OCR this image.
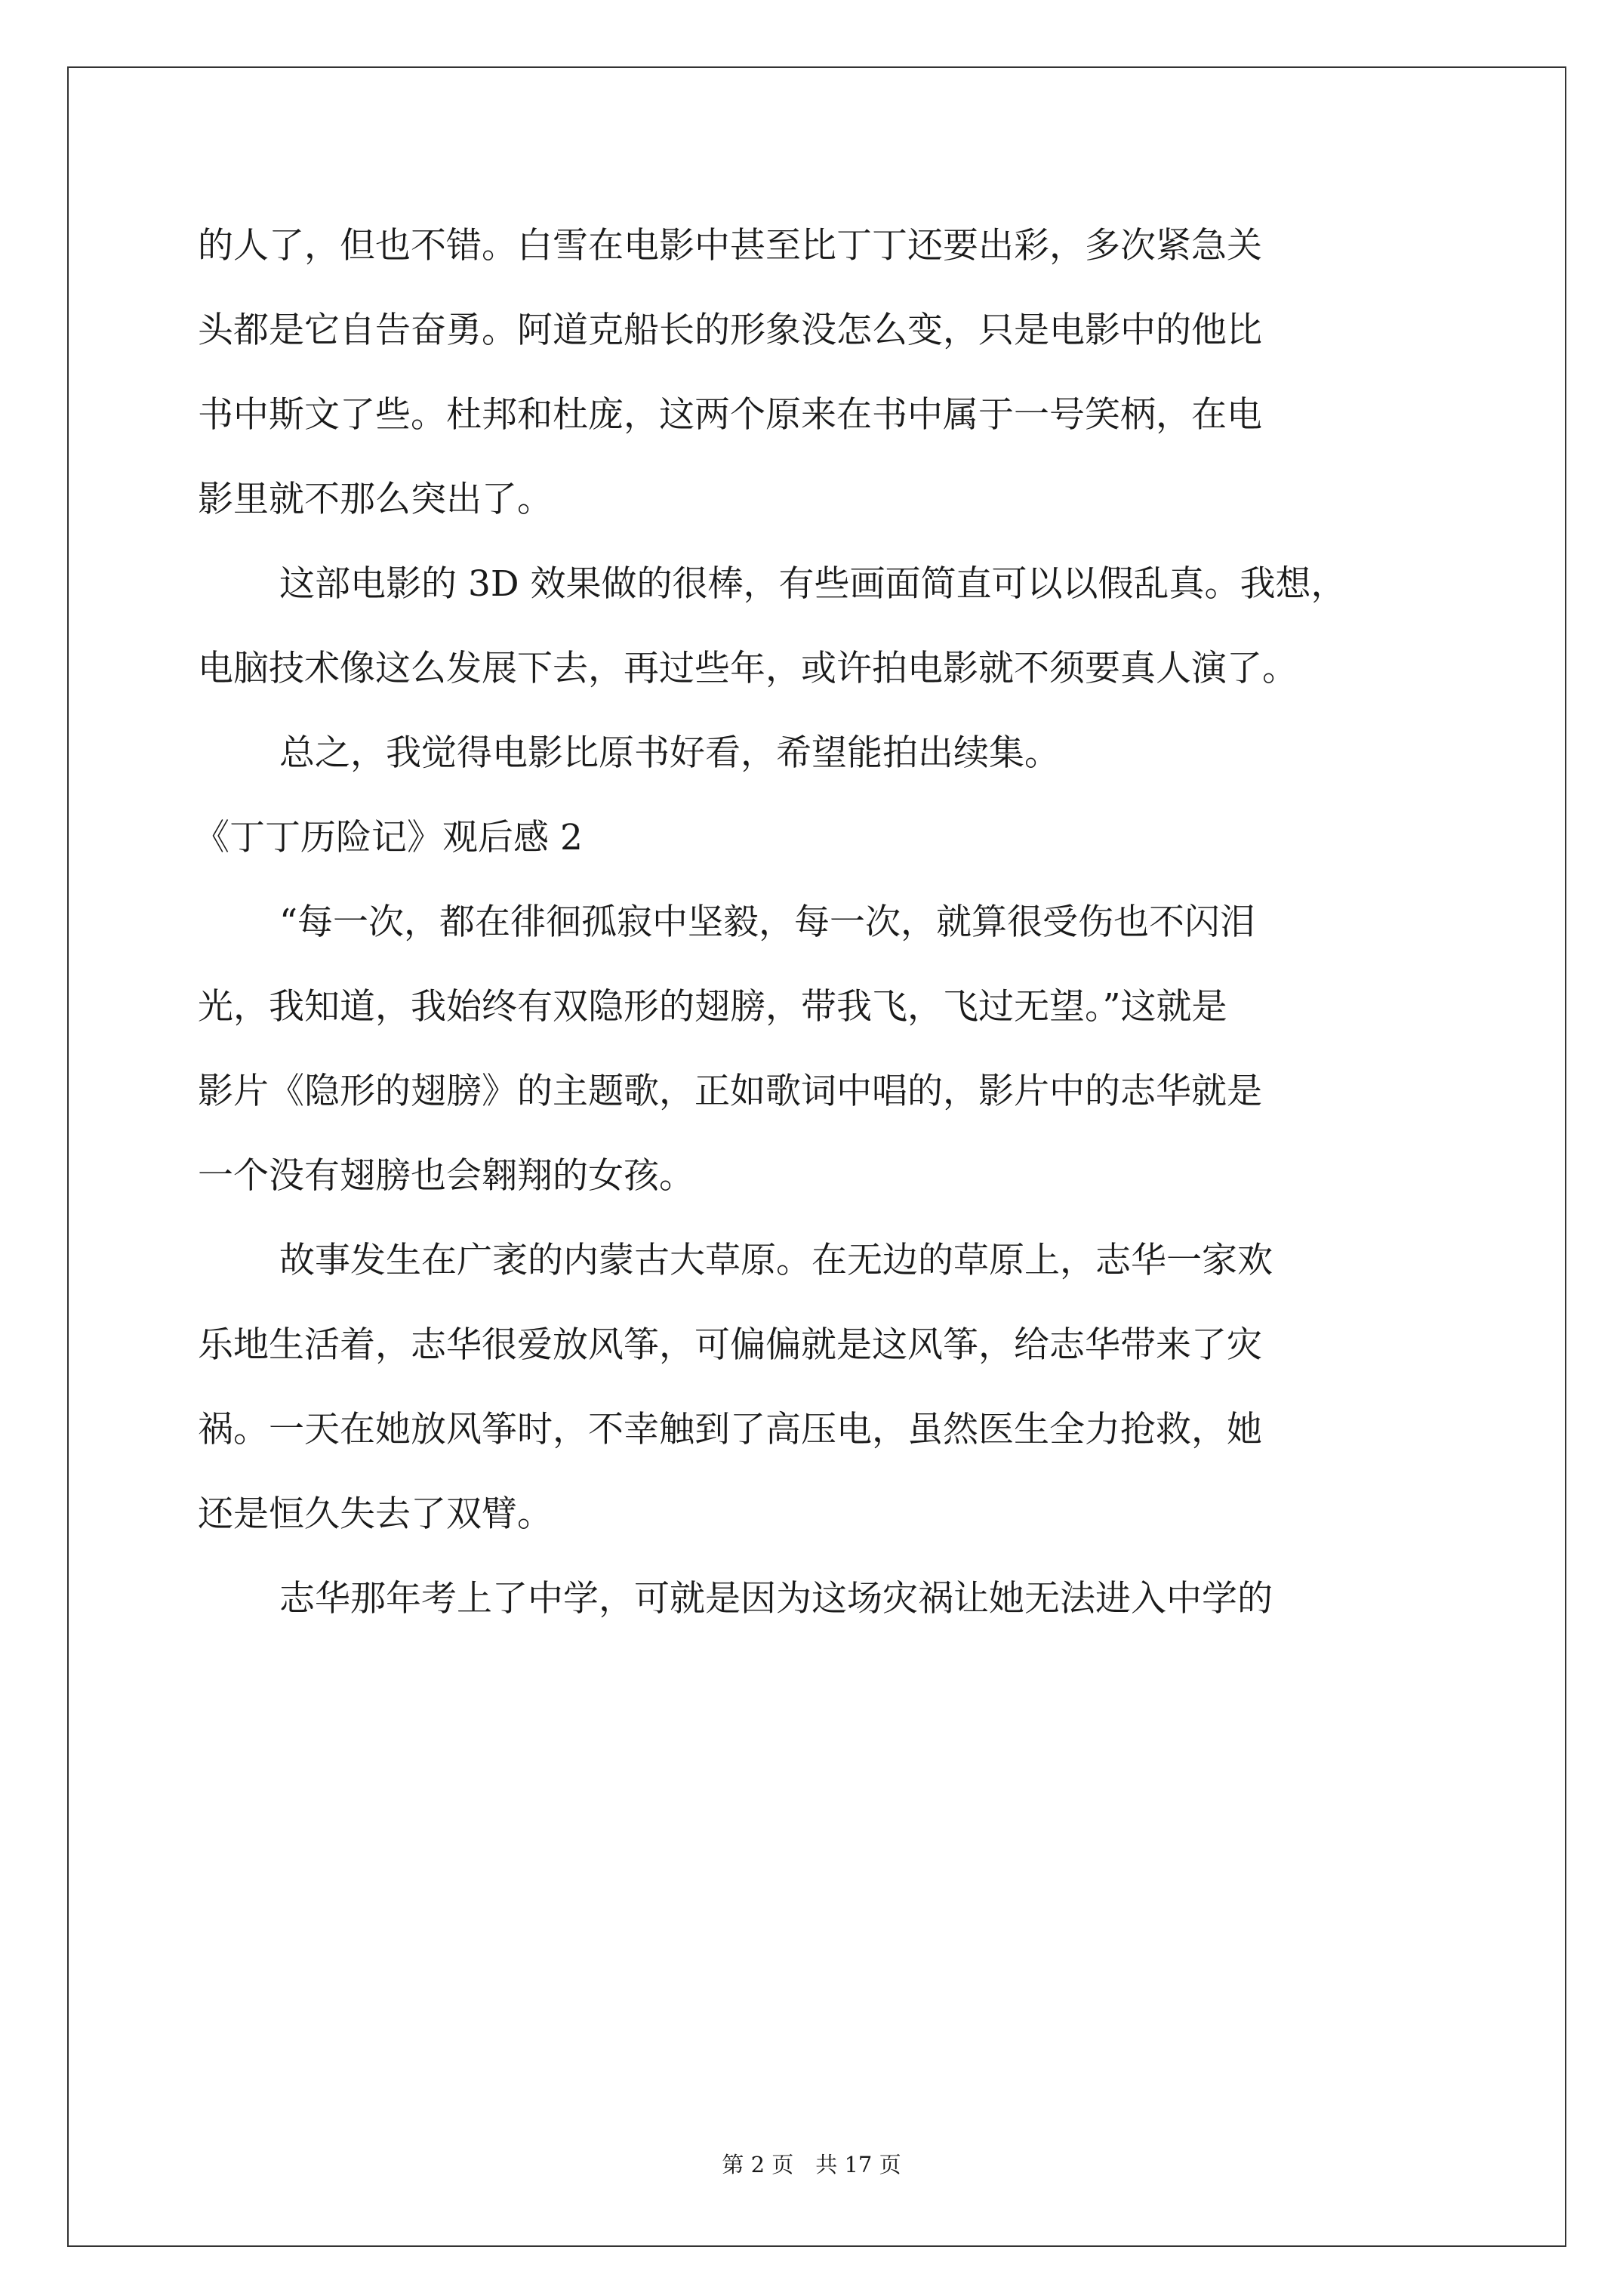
的人了，但也不错。白雪在电影中甚至比丁丁还要出彩，多次紧急关

头都是它自告奋勇。阿道克船长的形象没怎么变，只是电影中的他比

书中斯文了些。杜邦和杜庞，这两个原来在书中属于一号笑柄，在电

影里就不那么突出了。

这部电影的 3D 效果做的很棒，有些画面简直可以以假乱真。我想，

电脑技术像这么发展下去，再过些年，或许拍电影就不须要真人演了。

总之，我觉得电影比原书好看，希望能拍出续集。

《丁丁历险记》观后感 2

“每一次，都在徘徊孤寂中坚毅，每一次，就算很受伤也不闪泪

光，我知道，我始终有双隐形的翅膀，带我飞，飞过无望。”这就是

影片《隐形的翅膀》的主题歌，正如歌词中唱的，影片中的志华就是

一个没有翅膀也会翱翔的女孩。

故事发生在广袤的内蒙古大草原。在无边的草原上，志华一家欢

乐地生活着，志华很爱放风筝，可偏偏就是这风筝，给志华带来了灾

祸。一天在她放风筝时，不幸触到了高压电，虽然医生全力抢救，她

还是恒久失去了双臂。

志华那年考上了中学，可就是因为这场灾祸让她无法进入中学的

第 2 页　共 17 页
